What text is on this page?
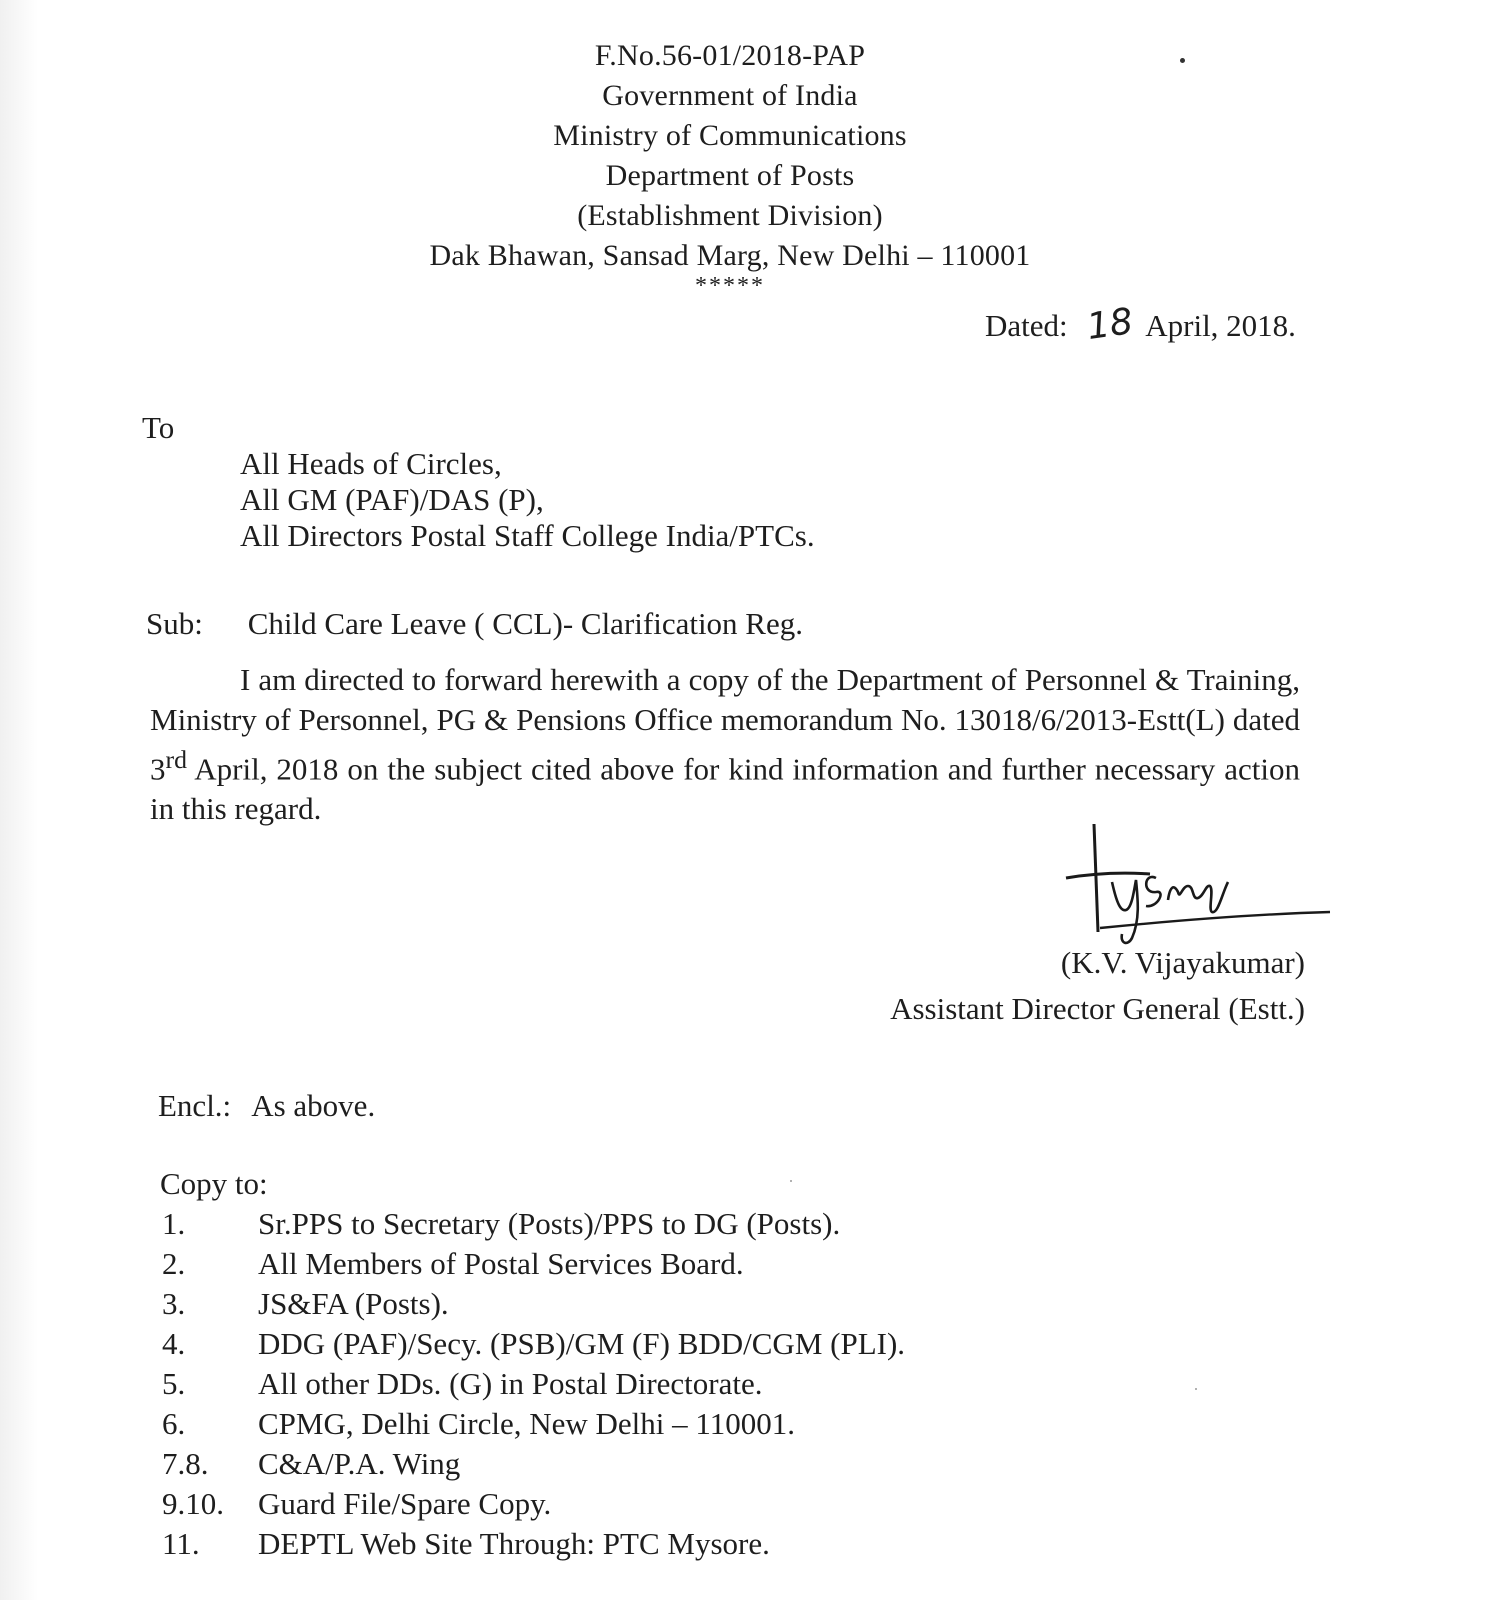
F.No.56-01/2018-PAP
Government of India
Ministry of Communications
Department of Posts
(Establishment Division)
Dak Bhawan, Sansad Marg, New Delhi – 110001
*****
Dated: 18 April, 2018.
To
All Heads of Circles,
All GM (PAF)/DAS (P),
All Directors Postal Staff College India/PTCs.
Sub: Child Care Leave ( CCL)- Clarification Reg.
I am directed to forward herewith a copy of the Department of Personnel & Training, Ministry of Personnel, PG & Pensions Office memorandum No. 13018/6/2013-Estt(L) dated 3rd April, 2018 on the subject cited above for kind information and further necessary action in this regard.
(K.V. Vijayakumar)
Assistant Director General (Estt.)
Encl.: As above.
Copy to:
1.	Sr.PPS to Secretary (Posts)/PPS to DG (Posts).
2.	All Members of Postal Services Board.
3.	JS&FA (Posts).
4.	DDG (PAF)/Secy. (PSB)/GM (F) BDD/CGM (PLI).
5.	All other DDs. (G) in Postal Directorate.
6.	CPMG, Delhi Circle, New Delhi – 110001.
7.8.	C&A/P.A. Wing
9.10.	Guard File/Spare Copy.
11.	DEPTL Web Site Through: PTC Mysore.
